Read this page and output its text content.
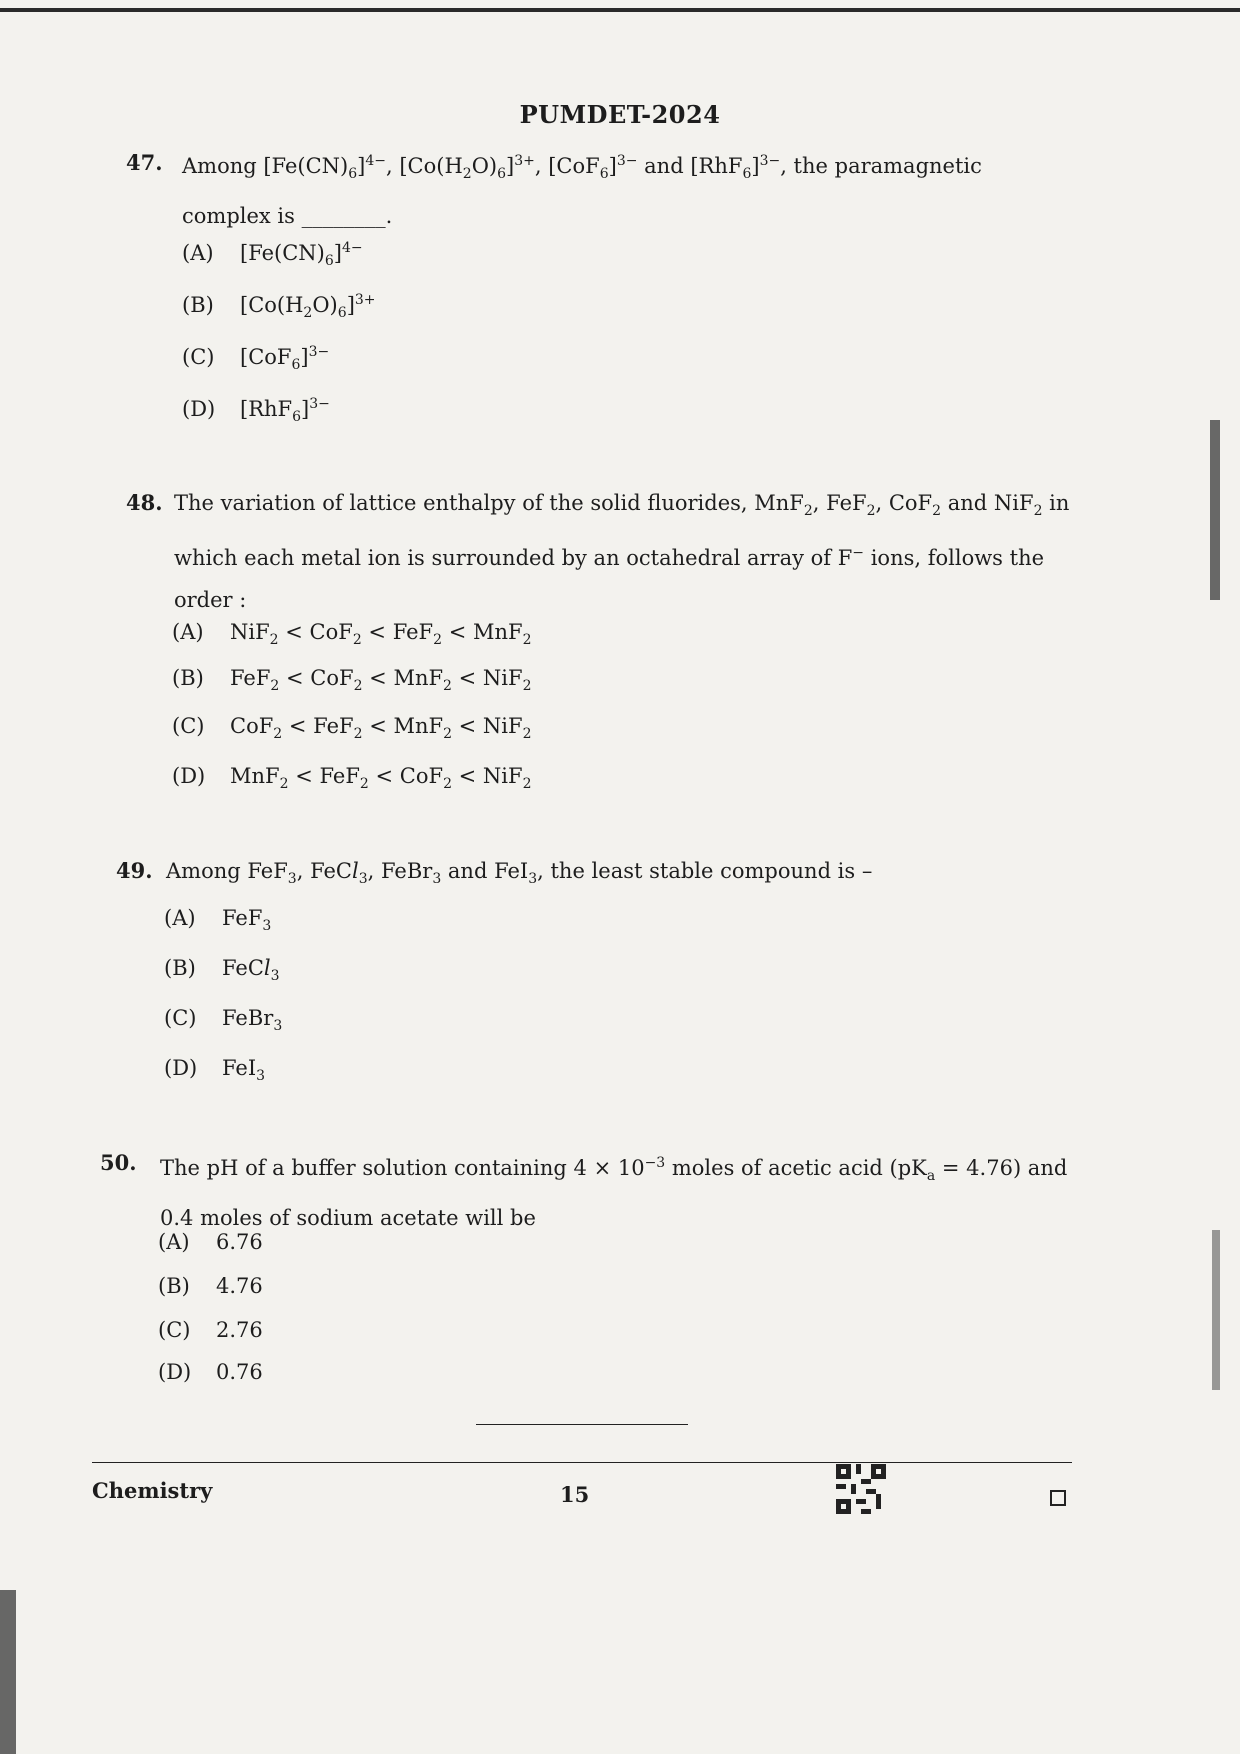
PUMDET-2024
47. Among $[Fe(CN)_6]^{4-}$, $[Co(H_2O)_6]^{3+}$, $[CoF_6]^{3-}$ and $[RhF_6]^{3-}$, the paramagnetic complex is ________.
(A) $[Fe(CN)_6]^{4-}$
(B) $[Co(H_2O)_6]^{3+}$
(C) $[CoF_6]^{3-}$
(D) $[RhF_6]^{3-}$
48. The variation of lattice enthalpy of the solid fluorides, MnF$_2$, FeF$_2$, CoF$_2$ and NiF$_2$ in which each metal ion is surrounded by an octahedral array of F− ions, follows the order :
(A) NiF$_2$ < CoF$_2$ < FeF$_2$ < MnF$_2$
(B) FeF$_2$ < CoF$_2$ < MnF$_2$ < NiF$_2$
(C) CoF$_2$ < FeF$_2$ < MnF$_2$ < NiF$_2$
(D) MnF$_2$ < FeF$_2$ < CoF$_2$ < NiF$_2$
49. Among FeF$_3$, FeCl$_3$, FeBr$_3$ and FeI$_3$, the least stable compound is –
(A) FeF$_3$
(B) FeCl$_3$
(C) FeBr$_3$
(D) FeI$_3$
50. The pH of a buffer solution containing $4 \times 10^{-3}$ moles of acetic acid $(pK_a = 4.76)$ and 0.4 moles of sodium acetate will be
(A) 6.76
(B) 4.76
(C) 2.76
(D) 0.76
Chemistry	15
